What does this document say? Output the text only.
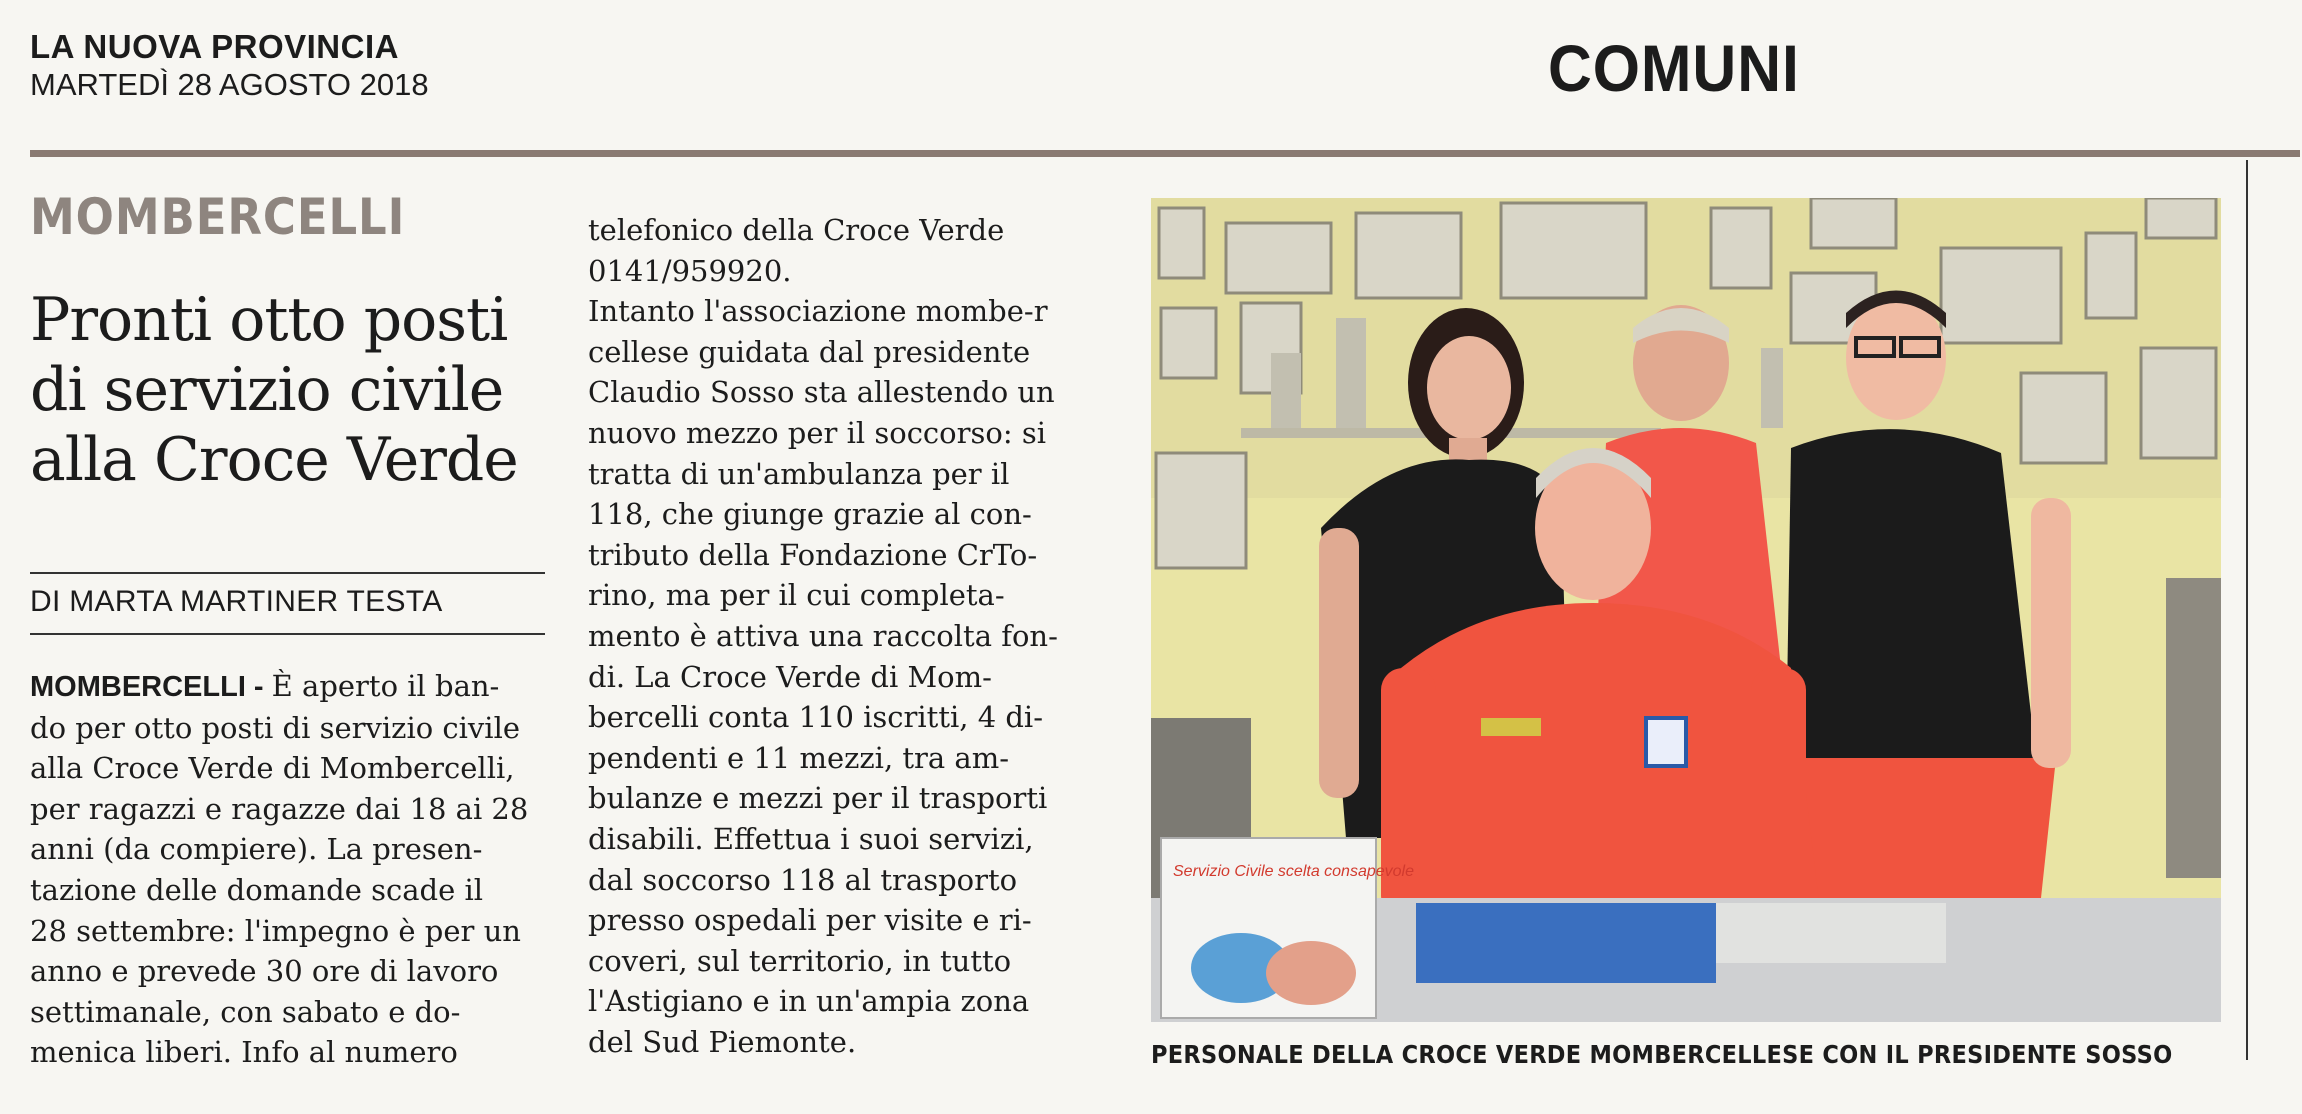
LA NUOVA PROVINCIA
MARTEDÌ 28 AGOSTO 2018	COMUNI
MOMBERCELLI
Pronti otto posti
di servizio civile
alla Croce Verde
DI MARTA MARTINER TESTA

MOMBERCELLI - È aperto il ban-

do per otto posti di servizio civile

alla Croce Verde di Mombercelli,

per ragazzi e ragazze dai 18 ai 28

anni (da compiere). La presen-

tazione delle domande scade il

28 settembre: l'impegno è per un

anno e prevede 30 ore di lavoro

settimanale, con sabato e do-

menica liberi. Info al numero

telefonico della Croce Verde

0141/959920.

Intanto l'associazione mombe-r

cellese guidata dal presidente

Claudio Sosso sta allestendo un

nuovo mezzo per il soccorso: si

tratta di un'ambulanza per il

118, che giunge grazie al con-

tributo della Fondazione CrTo-

rino, ma per il cui completa-

mento è attiva una raccolta fon-

di. La Croce Verde di Mom-

bercelli conta 110 iscritti, 4 di-

pendenti e 11 mezzi, tra am-

bulanze e mezzi per il trasporti

disabili. Effettua i suoi servizi,

dal soccorso 118 al trasporto

presso ospedali per visite e ri-

coveri, sul territorio, in tutto

l'Astigiano e in un'ampia zona

del Sud Piemonte.

Servizio Civile scelta consapevole
PERSONALE DELLA CROCE VERDE MOMBERCELLESE CON IL PRESIDENTE SOSSO
